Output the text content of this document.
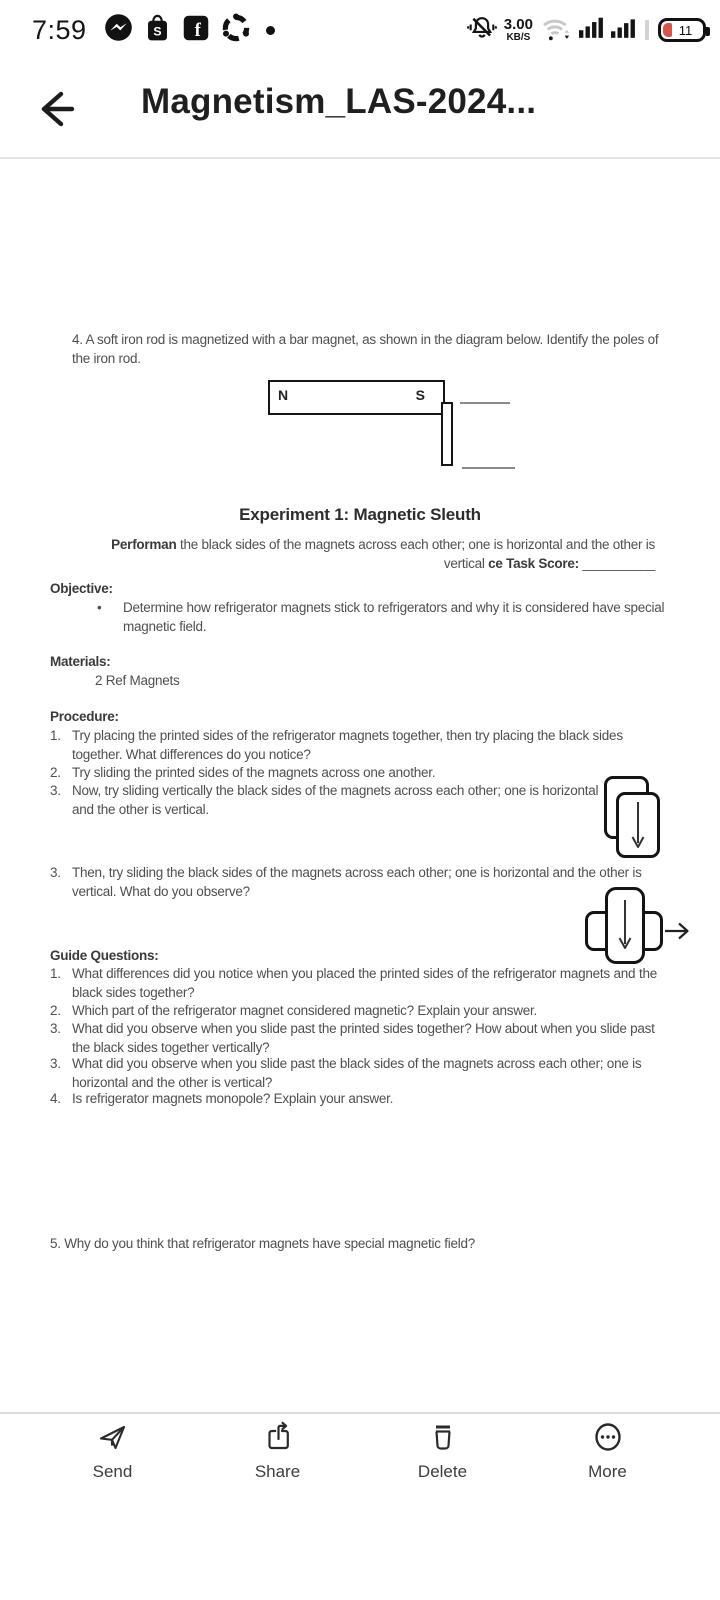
7:59	S f	3.00
KB/S	11
Magnetism_LAS-2024...
4. A soft iron rod is magnetized with a bar magnet, as shown in the diagram below. Identify the poles of the iron rod.
N	S
Experiment 1: Magnetic Sleuth
Performan the black sides of the magnets across each other; one is horizontal and the other is
vertical ce Task Score: __________
Objective:
• Determine how refrigerator magnets stick to refrigerators and why it is considered have special magnetic field.
Materials:
2 Ref Magnets
Procedure:
1. Try placing the printed sides of the refrigerator magnets together, then try placing the black sides together. What differences do you notice?
2. Try sliding the printed sides of the magnets across one another.
3. Now, try sliding vertically the black sides of the magnets across each other; one is horizontal and the other is vertical.
3. Then, try sliding the black sides of the magnets across each other; one is horizontal and the other is vertical. What do you observe?
Guide Questions:
1. What differences did you notice when you placed the printed sides of the refrigerator magnets and the black sides together?
2. Which part of the refrigerator magnet considered magnetic? Explain your answer.
3. What did you observe when you slide past the printed sides together? How about when you slide past the black sides together vertically?
3. What did you observe when you slide past the black sides of the magnets across each other; one is horizontal and the other is vertical?
4. Is refrigerator magnets monopole? Explain your answer.
5. Why do you think that refrigerator magnets have special magnetic field?
Send	Share	Delete	More
